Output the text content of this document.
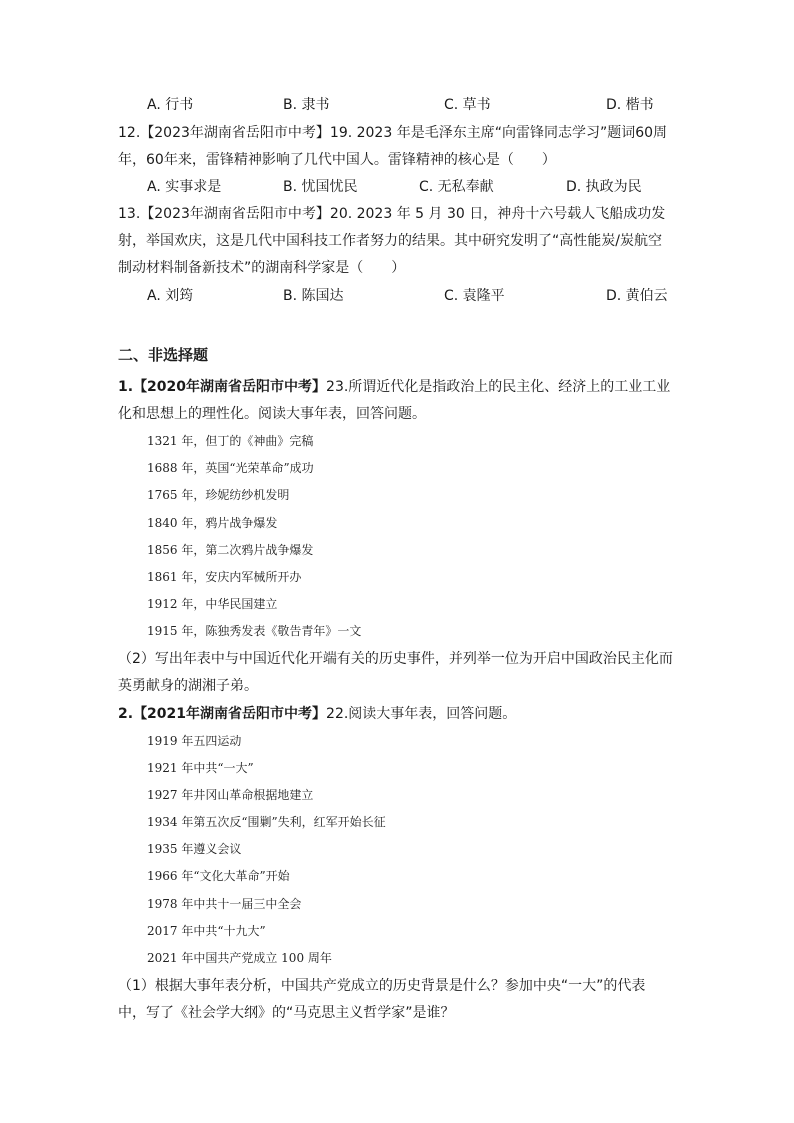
A. 行书	B. 隶书	C. 草书	D. 楷书
12.【2023年湖南省岳阳市中考】19. 2023 年是毛泽东主席“向雷锋同志学习”题词60周
年，60年来，雷锋精神影响了几代中国人。雷锋精神的核心是（　　）
A. 实事求是	B. 忧国忧民	C. 无私奉献	D. 执政为民
13.【2023年湖南省岳阳市中考】20. 2023 年 5 月 30 日，神舟十六号载人飞船成功发
射，举国欢庆，这是几代中国科技工作者努力的结果。其中研究发明了“高性能炭/炭航空
制动材料制备新技术”的湖南科学家是（　　）
A. 刘筠	B. 陈国达	C. 袁隆平	D. 黄伯云
二、非选择题
1.【2020年湖南省岳阳市中考】23.所谓近代化是指政治上的民主化、经济上的工业工业
化和思想上的理性化。阅读大事年表，回答问题。
1321 年，但丁的《神曲》完稿
1688 年，英国“光荣革命”成功
1765 年，珍妮纺纱机发明
1840 年，鸦片战争爆发
1856 年，第二次鸦片战争爆发
1861 年，安庆内军械所开办
1912 年，中华民国建立
1915 年，陈独秀发表《敬告青年》一文
（2）写出年表中与中国近代化开端有关的历史事件，并列举一位为开启中国政治民主化而
英勇献身的湖湘子弟。
2.【2021年湖南省岳阳市中考】22.阅读大事年表，回答问题。
1919 年五四运动
1921 年中共“一大”
1927 年井冈山革命根据地建立
1934 年第五次反“围剿”失利，红军开始长征
1935 年遵义会议
1966 年“文化大革命”开始
1978 年中共十一届三中全会
2017 年中共“十九大”
2021 年中国共产党成立 100 周年
（1）根据大事年表分析，中国共产党成立的历史背景是什么？参加中央“一大”的代表
中，写了《社会学大纲》的“马克思主义哲学家”是谁？
